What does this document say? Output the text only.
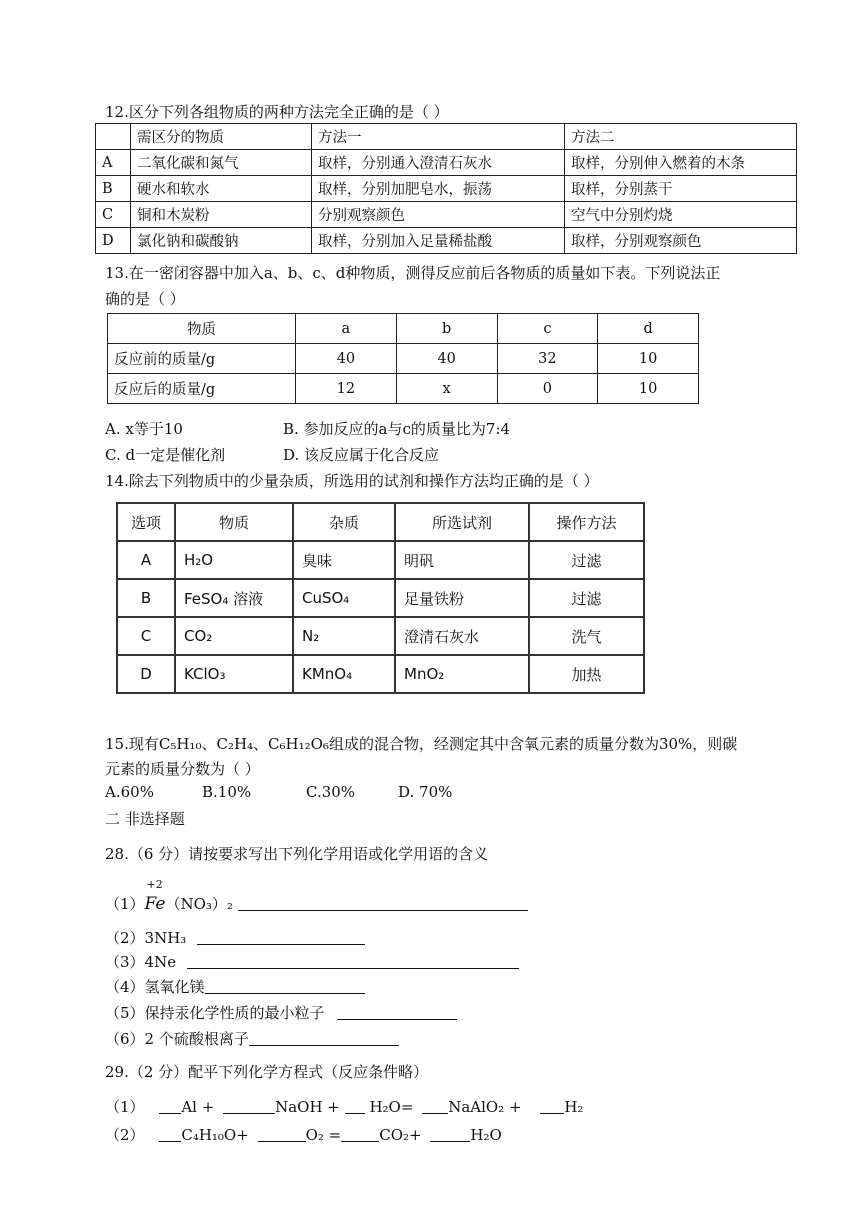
12.区分下列各组物质的两种方法完全正确的是（ ）
	需区分的物质	方法一	方法二
A	二氧化碳和氮气	取样，分别通入澄清石灰水	取样，分别伸入燃着的木条
B	硬水和软水	取样，分别加肥皂水，振荡	取样，分别蒸干
C	铜和木炭粉	分别观察颜色	空气中分别灼烧
D	氯化钠和碳酸钠	取样，分别加入足量稀盐酸	取样，分别观察颜色
13.在一密闭容器中加入a、b、c、d种物质，测得反应前后各物质的质量如下表。下列说法正
确的是（ ）
物质	a	b	c	d
反应前的质量/g	40	40	32	10
反应后的质量/g	12	x	0	10
A. x等于10	B. 参加反应的a与c的质量比为7:4
C. d一定是催化剂	D. 该反应属于化合反应
14.除去下列物质中的少量杂质，所选用的试剂和操作方法均正确的是（ ）
选项	物质	杂质	所选试剂	操作方法
A	H₂O	臭味	明矾	过滤
B	FeSO₄ 溶液	CuSO₄	足量铁粉	过滤
C	CO₂	N₂	澄清石灰水	洗气
D	KClO₃	KMnO₄	MnO₂	加热
15.现有C₅H₁₀、C₂H₄、C₆H₁₂O₆组成的混合物，经测定其中含氧元素的质量分数为30%，则碳
元素的质量分数为（ ）
A.60%	B.10%	C.30%	D. 70%
二 非选择题
28.（6 分）请按要求写出下列化学用语或化学用语的含义
（1）
+2
Fe（NO₃）₂
（2）3NH₃
（3）4Ne
（4）氢氧化镁
（5）保持汞化学性质的最小粒子
（6）2 个硫酸根离子
29.（2 分）配平下列化学方程式（反应条件略）
（1） Al +	NaOH + H₂O= NaAlO₂ +	H₂
（2） C₄H₁₀O+	O₂ =	CO₂+	H₂O
